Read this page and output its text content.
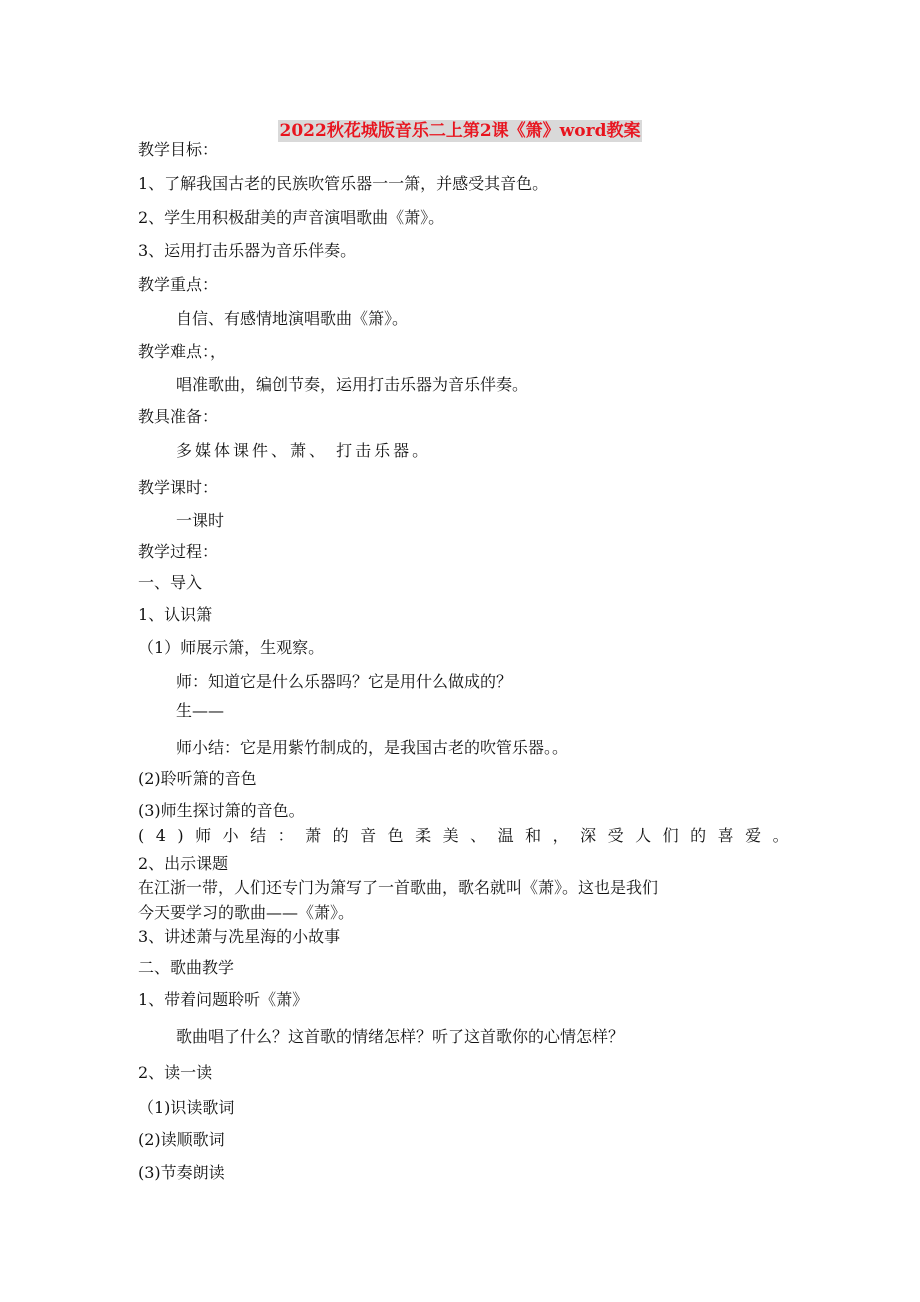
2022秋花城版音乐二上第2课《箫》word教案
教学目标：
1、了解我国古老的民族吹管乐器一一箫，并感受其音色。
2、学生用积极甜美的声音演唱歌曲《萧》。
3、运用打击乐器为音乐伴奏。
教学重点：
自信、有感情地演唱歌曲《箫》。
教学难点：，
唱准歌曲，编创节奏，运用打击乐器为音乐伴奏。
教具准备：
多媒体课件、萧、 打击乐器。
教学课时：
一课时
教学过程：
一、导入
1、认识箫
（1）师展示箫，生观察。
师：知道它是什么乐器吗？它是用什么做成的？
生——
师小结：它是用紫竹制成的，是我国古老的吹管乐器。。
(2)聆听箫的音色
(3)师生探讨箫的音色。
(4)师小结：萧的音色柔美、温和，深受人们的喜爱。
2、出示课题
在江浙一带，人们还专门为箫写了一首歌曲，歌名就叫《萧》。这也是我们
今天要学习的歌曲——《萧》。
3、讲述萧与冼星海的小故事
二、歌曲教学
1、带着问题聆听《萧》
歌曲唱了什么？这首歌的情绪怎样？听了这首歌你的心情怎样？
2、读一读
（1)识读歌词
(2)读顺歌词
(3)节奏朗读
